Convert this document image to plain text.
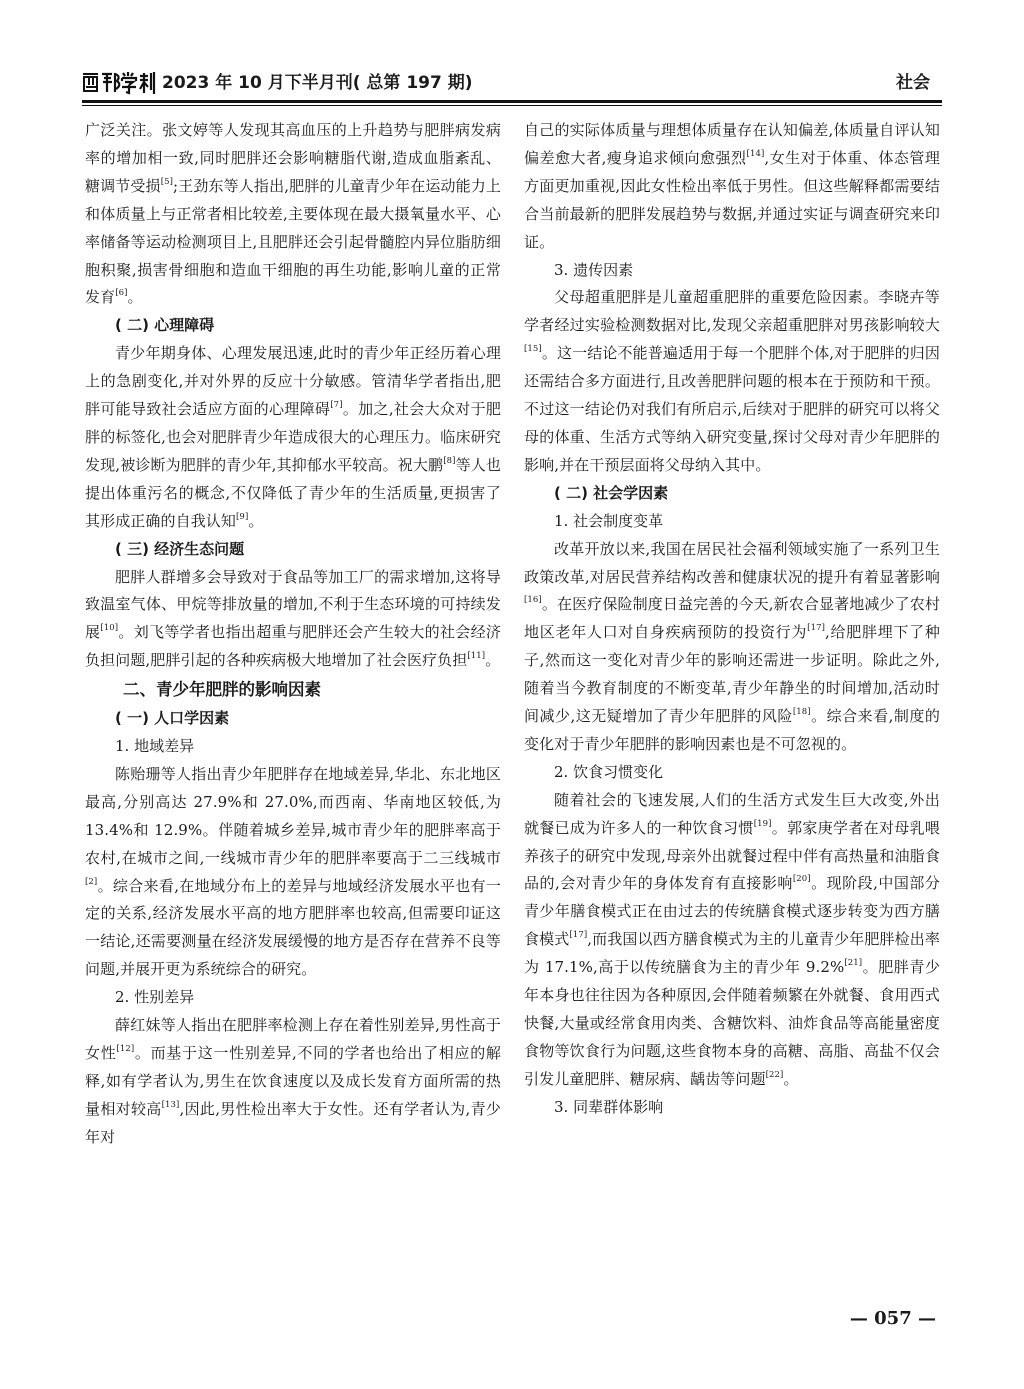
2023 年 10 月下半月刊( 总第 197 期)	社会

广泛关注。张文婷等人发现其高血压的上升趋势与肥胖病发病率的增加相一致,同时肥胖还会影响糖脂代谢,造成血脂紊乱、糖调节受损[5];王劲东等人指出,肥胖的儿童青少年在运动能力上和体质量上与正常者相比较差,主要体现在最大摄氧量水平、心率储备等运动检测项目上,且肥胖还会引起骨髓腔内异位脂肪细胞积聚,损害骨细胞和造血干细胞的再生功能,影响儿童的正常发育[6]。

( 二) 心理障碍

青少年期身体、心理发展迅速,此时的青少年正经历着心理上的急剧变化,并对外界的反应十分敏感。管清华学者指出,肥胖可能导致社会适应方面的心理障碍[7]。加之,社会大众对于肥胖的标签化,也会对肥胖青少年造成很大的心理压力。临床研究发现,被诊断为肥胖的青少年,其抑郁水平较高。祝大鹏[8]等人也提出体重污名的概念,不仅降低了青少年的生活质量,更损害了其形成正确的自我认知[9]。

( 三) 经济生态问题

肥胖人群增多会导致对于食品等加工厂的需求增加,这将导致温室气体、甲烷等排放量的增加,不利于生态环境的可持续发展[10]。刘飞等学者也指出超重与肥胖还会产生较大的社会经济负担问题,肥胖引起的各种疾病极大地增加了社会医疗负担[11]。

二、青少年肥胖的影响因素
( 一) 人口学因素
1. 地域差异

陈贻珊等人指出青少年肥胖存在地域差异,华北、东北地区最高,分别高达 27.9%和 27.0%,而西南、华南地区较低,为 13.4%和 12.9%。伴随着城乡差异,城市青少年的肥胖率高于农村,在城市之间,一线城市青少年的肥胖率要高于二三线城市[2]。综合来看,在地域分布上的差异与地域经济发展水平也有一定的关系,经济发展水平高的地方肥胖率也较高,但需要印证这一结论,还需要测量在经济发展缓慢的地方是否存在营养不良等问题,并展开更为系统综合的研究。

2. 性别差异

薛红妹等人指出在肥胖率检测上存在着性别差异,男性高于女性[12]。而基于这一性别差异,不同的学者也给出了相应的解释,如有学者认为,男生在饮食速度以及成长发育方面所需的热量相对较高[13],因此,男性检出率大于女性。还有学者认为,青少年对

自己的实际体质量与理想体质量存在认知偏差,体质量自评认知偏差愈大者,瘦身追求倾向愈强烈[14],女生对于体重、体态管理方面更加重视,因此女性检出率低于男性。但这些解释都需要结合当前最新的肥胖发展趋势与数据,并通过实证与调查研究来印证。

3. 遗传因素

父母超重肥胖是儿童超重肥胖的重要危险因素。李晓卉等学者经过实验检测数据对比,发现父亲超重肥胖对男孩影响较大[15]。这一结论不能普遍适用于每一个肥胖个体,对于肥胖的归因还需结合多方面进行,且改善肥胖问题的根本在于预防和干预。不过这一结论仍对我们有所启示,后续对于肥胖的研究可以将父母的体重、生活方式等纳入研究变量,探讨父母对青少年肥胖的影响,并在干预层面将父母纳入其中。

( 二) 社会学因素
1. 社会制度变革

改革开放以来,我国在居民社会福利领域实施了一系列卫生政策改革,对居民营养结构改善和健康状况的提升有着显著影响[16]。在医疗保险制度日益完善的今天,新农合显著地减少了农村地区老年人口对自身疾病预防的投资行为[17],给肥胖埋下了种子,然而这一变化对青少年的影响还需进一步证明。除此之外,随着当今教育制度的不断变革,青少年静坐的时间增加,活动时间减少,这无疑增加了青少年肥胖的风险[18]。综合来看,制度的变化对于青少年肥胖的影响因素也是不可忽视的。

2. 饮食习惯变化

随着社会的飞速发展,人们的生活方式发生巨大改变,外出就餐已成为许多人的一种饮食习惯[19]。郭家庚学者在对母乳喂养孩子的研究中发现,母亲外出就餐过程中伴有高热量和油脂食品的,会对青少年的身体发育有直接影响[20]。现阶段,中国部分青少年膳食模式正在由过去的传统膳食模式逐步转变为西方膳食模式[17],而我国以西方膳食模式为主的儿童青少年肥胖检出率为 17.1%,高于以传统膳食为主的青少年 9.2%[21]。肥胖青少年本身也往往因为各种原因,会伴随着频繁在外就餐、食用西式快餐,大量或经常食用肉类、含糖饮料、油炸食品等高能量密度食物等饮食行为问题,这些食物本身的高糖、高脂、高盐不仅会引发儿童肥胖、糖尿病、龋齿等问题[22]。

3. 同辈群体影响
— 057 —
